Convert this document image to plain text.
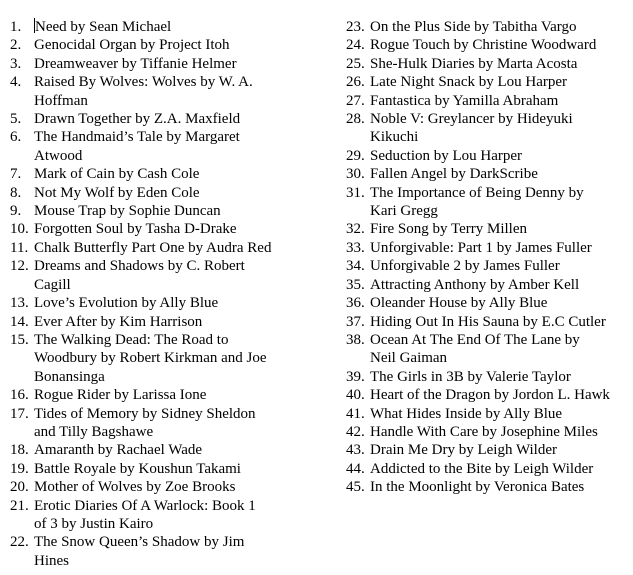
1. Need by Sean Michael
2. Genocidal Organ by Project Itoh
3. Dreamweaver by Tiffanie Helmer
4. Raised By Wolves: Wolves by W. A.
Hoffman
5. Drawn Together by Z.A. Maxfield
6. The Handmaid’s Tale by Margaret
Atwood
7. Mark of Cain by Cash Cole
8. Not My Wolf by Eden Cole
9. Mouse Trap by Sophie Duncan
10. Forgotten Soul by Tasha D-Drake
11. Chalk Butterfly Part One by Audra Red
12. Dreams and Shadows by C. Robert
Cagill
13. Love’s Evolution by Ally Blue
14. Ever After by Kim Harrison
15. The Walking Dead: The Road to
Woodbury by Robert Kirkman and Joe
Bonansinga
16. Rogue Rider by Larissa Ione
17. Tides of Memory by Sidney Sheldon
and Tilly Bagshawe
18. Amaranth by Rachael Wade
19. Battle Royale by Koushun Takami
20. Mother of Wolves by Zoe Brooks
21. Erotic Diaries Of A Warlock: Book 1
of 3 by Justin Kairo
22. The Snow Queen’s Shadow by Jim
Hines
23. On the Plus Side by Tabitha Vargo
24. Rogue Touch by Christine Woodward
25. She-Hulk Diaries by Marta Acosta
26. Late Night Snack by Lou Harper
27. Fantastica by Yamilla Abraham
28. Noble V: Greylancer by Hideyuki
Kikuchi
29. Seduction by Lou Harper
30. Fallen Angel by DarkScribe
31. The Importance of Being Denny by
Kari Gregg
32. Fire Song by Terry Millen
33. Unforgivable: Part 1 by James Fuller
34. Unforgivable 2 by James Fuller
35. Attracting Anthony by Amber Kell
36. Oleander House by Ally Blue
37. Hiding Out In His Sauna by E.C Cutler
38. Ocean At The End Of The Lane by
Neil Gaiman
39. The Girls in 3B by Valerie Taylor
40. Heart of the Dragon by Jordon L. Hawk
41. What Hides Inside by Ally Blue
42. Handle With Care by Josephine Miles
43. Drain Me Dry by Leigh Wilder
44. Addicted to the Bite by Leigh Wilder
45. In the Moonlight by Veronica Bates
